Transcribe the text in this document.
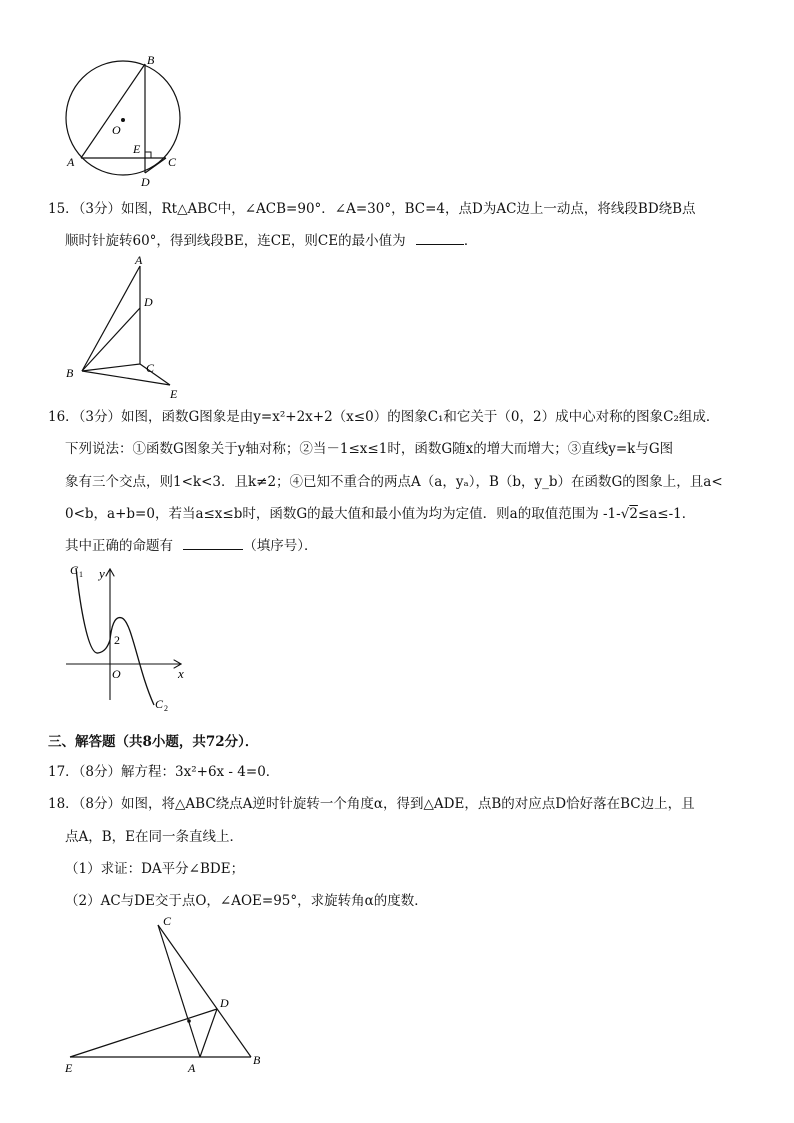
B
O
A
E
C
D
15．（3分）如图，Rt△ABC中，∠ACB=90°．∠A=30°，BC=4，点D为AC边上一动点，将线段BD绕B点
顺时针旋转60°，得到线段BE，连CE，则CE的最小值为	．
A
D
B	C
E
16．（3分）如图，函数G图象是由y=x²+2x+2（x≤0）的图象C₁和它关于（0，2）成中心对称的图象C₂组成．
下列说法：①函数G图象关于y轴对称；②当－1≤x≤1时，函数G随x的增大而增大；③直线y=k与G图
象有三个交点，则1<k<3．且k≠2；④已知不重合的两点A（a，yₐ），B（b，y_b）在函数G的图象上，且a<
0<b，a+b=0，若当a≤x≤b时，函数G的最大值和最小值为均为定值．则a的取值范围为 -1-√2≤a≤-1．
其中正确的命题有	（填序号）．
C 1 y
2
O	x
C 2
三、解答题（共8小题，共72分）．
17．（8分）解方程：3x²+6x - 4=0．
18．（8分）如图，将△ABC绕点A逆时针旋转一个角度α，得到△ADE，点B的对应点D恰好落在BC边上，且
点A，B，E在同一条直线上．
（1）求证：DA平分∠BDE；
（2）AC与DE交于点O，∠AOE=95°，求旋转角α的度数．
C
D
E	A
B
